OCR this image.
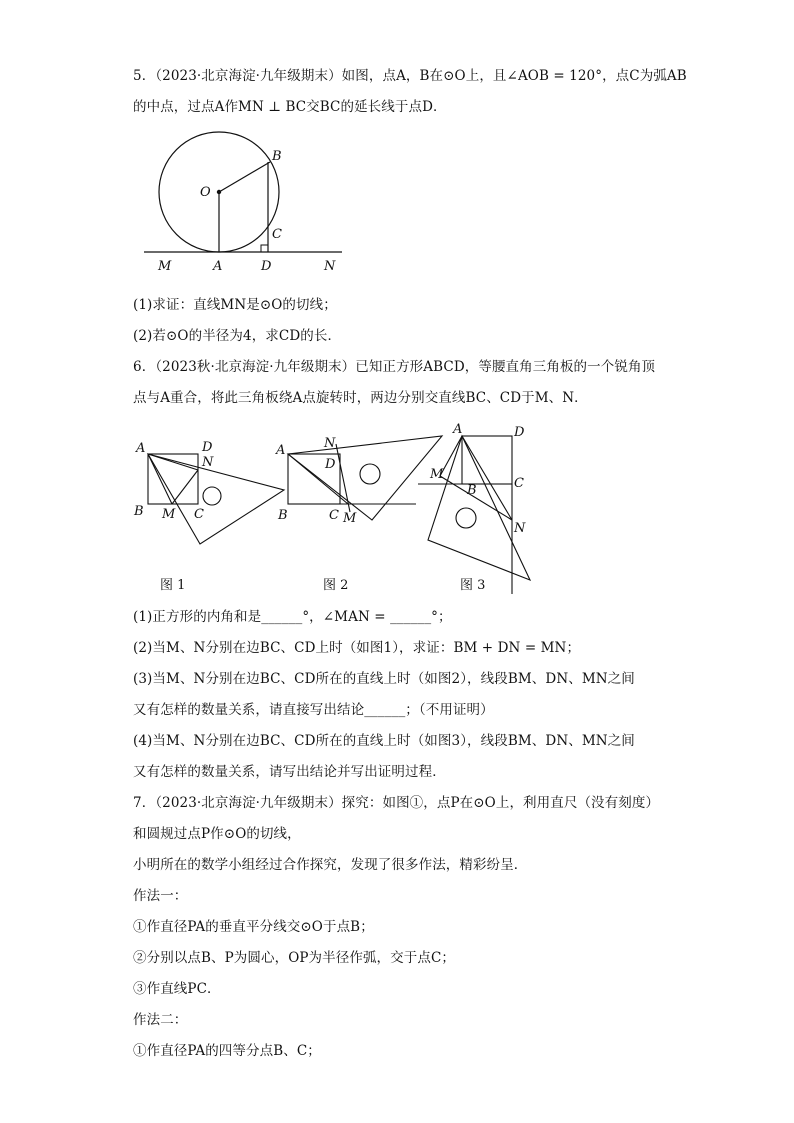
5．（2023·北京海淀·九年级期末）如图，点A，B在⊙O上，且∠AOB = 120°，点C为弧AB
的中点，过点A作MN ⊥ BC交BC的延长线于点D．
B
O
C
M	A	D	N
(1)求证：直线MN是⊙O的切线；
(2)若⊙O的半径为4，求CD的长．
6．（2023秋·北京海淀·九年级期末）已知正方形ABCD，等腰直角三角板的一个锐角顶
点与A重合，将此三角板绕A点旋转时，两边分别交直线BC、CD于M、N．
A	D
N
B M C
图 1
A	N
D
B	C M
图 2
A	D
M
B	C
N
图 3
(1)正方形的内角和是______°，∠MAN = ______°；
(2)当M、N分别在边BC、CD上时（如图1），求证：BM + DN = MN；
(3)当M、N分别在边BC、CD所在的直线上时（如图2），线段BM、DN、MN之间
又有怎样的数量关系，请直接写出结论______；（不用证明）
(4)当M、N分别在边BC、CD所在的直线上时（如图3），线段BM、DN、MN之间
又有怎样的数量关系，请写出结论并写出证明过程．
7．（2023·北京海淀·九年级期末）探究：如图①，点P在⊙O上，利用直尺（没有刻度）
和圆规过点P作⊙O的切线，
小明所在的数学小组经过合作探究，发现了很多作法，精彩纷呈．
作法一：
①作直径PA的垂直平分线交⊙O于点B；
②分别以点B、P为圆心，OP为半径作弧，交于点C；
③作直线PC．
作法二：
①作直径PA的四等分点B、C；
